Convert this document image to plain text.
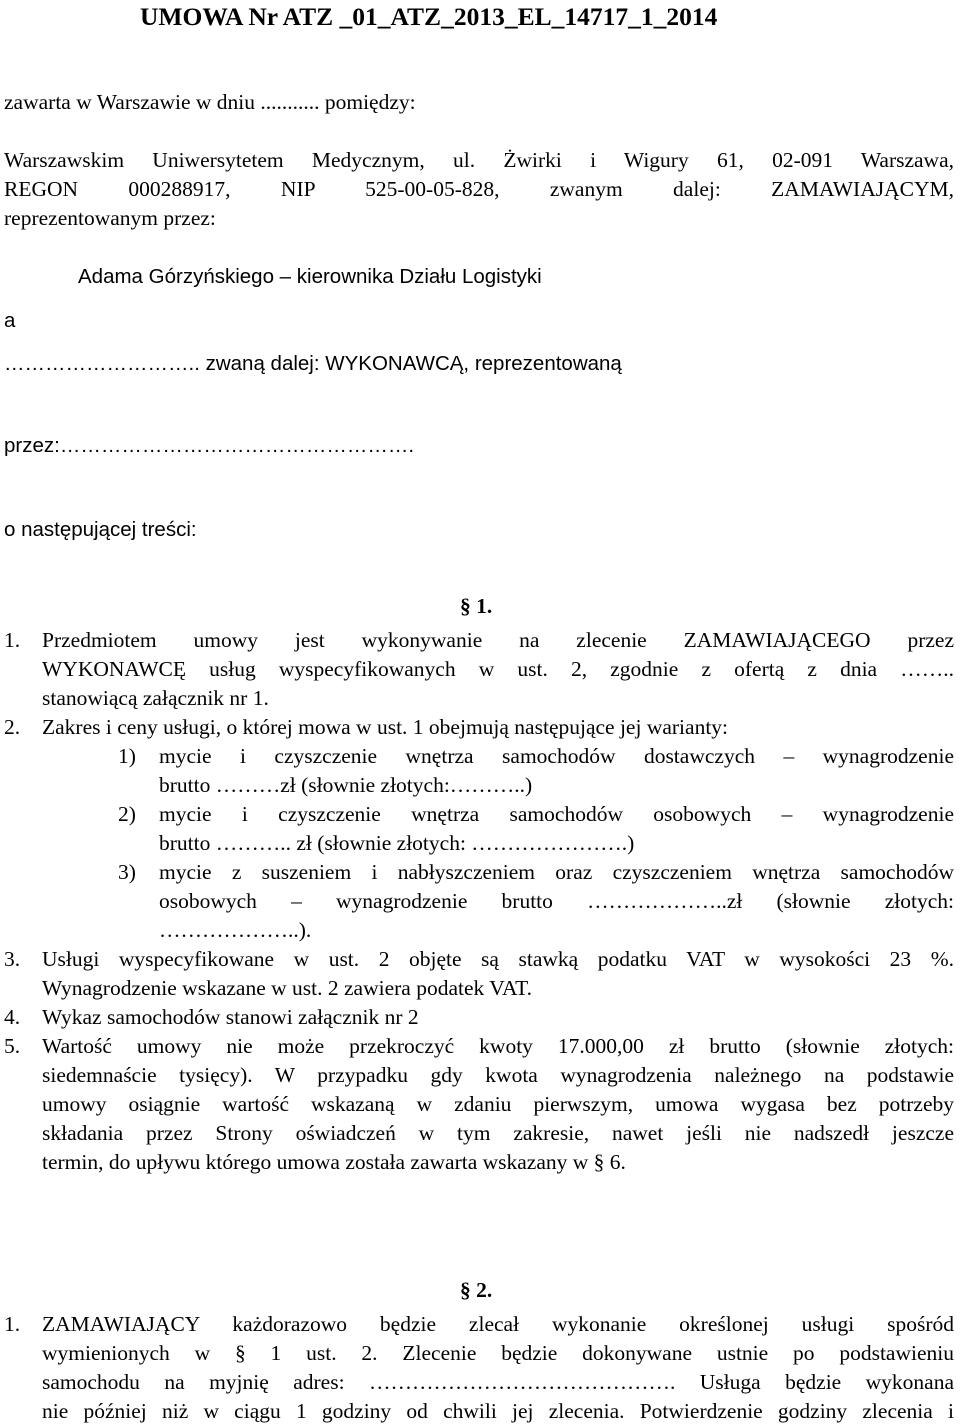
UMOWA Nr ATZ _01_ATZ_2013_EL_14717_1_2014
zawarta w Warszawie w dniu ........... pomiędzy:
Warszawskim Uniwersytetem Medycznym, ul. Żwirki i Wigury 61, 02-091 Warszawa,
REGON 000288917, NIP 525-00-05-828, zwanym dalej: ZAMAWIAJĄCYM,
reprezentowanym przez:
Adama Górzyńskiego – kierownika Działu Logistyki
a
……………………….. zwaną dalej: WYKONAWCĄ, reprezentowaną
przez:…………………………………………….
o następującej treści:
§ 1.
1. Przedmiotem umowy jest wykonywanie na zlecenie ZAMAWIAJĄCEGO przez
WYKONAWCĘ usług wyspecyfikowanych w ust. 2, zgodnie z ofertą z dnia ……..
stanowiącą załącznik nr 1.
2. Zakres i ceny usługi, o której mowa w ust. 1 obejmują następujące jej warianty:
1) mycie i czyszczenie wnętrza samochodów dostawczych – wynagrodzenie
brutto ………zł (słownie złotych:………..)
2) mycie i czyszczenie wnętrza samochodów osobowych – wynagrodzenie
brutto ……….. zł (słownie złotych: ………………….)
3) mycie z suszeniem i nabłyszczeniem oraz czyszczeniem wnętrza samochodów
osobowych – wynagrodzenie brutto ………………..zł (słownie złotych:
………………..).
3. Usługi wyspecyfikowane w ust. 2 objęte są stawką podatku VAT w wysokości 23 %.
Wynagrodzenie wskazane w ust. 2 zawiera podatek VAT.
4. Wykaz samochodów stanowi załącznik nr 2
5. Wartość umowy nie może przekroczyć kwoty 17.000,00 zł brutto (słownie złotych:
siedemnaście tysięcy). W przypadku gdy kwota wynagrodzenia należnego na podstawie
umowy osiągnie wartość wskazaną w zdaniu pierwszym, umowa wygasa bez potrzeby
składania przez Strony oświadczeń w tym zakresie, nawet jeśli nie nadszedł jeszcze
termin, do upływu którego umowa została zawarta wskazany w § 6.
§ 2.
1. ZAMAWIAJĄCY każdorazowo będzie zlecał wykonanie określonej usługi spośród
wymienionych w § 1 ust. 2. Zlecenie będzie dokonywane ustnie po podstawieniu
samochodu na myjnię adres: ……………………………………. Usługa będzie wykonana
nie później niż w ciągu 1 godziny od chwili jej zlecenia. Potwierdzenie godziny zlecenia i
